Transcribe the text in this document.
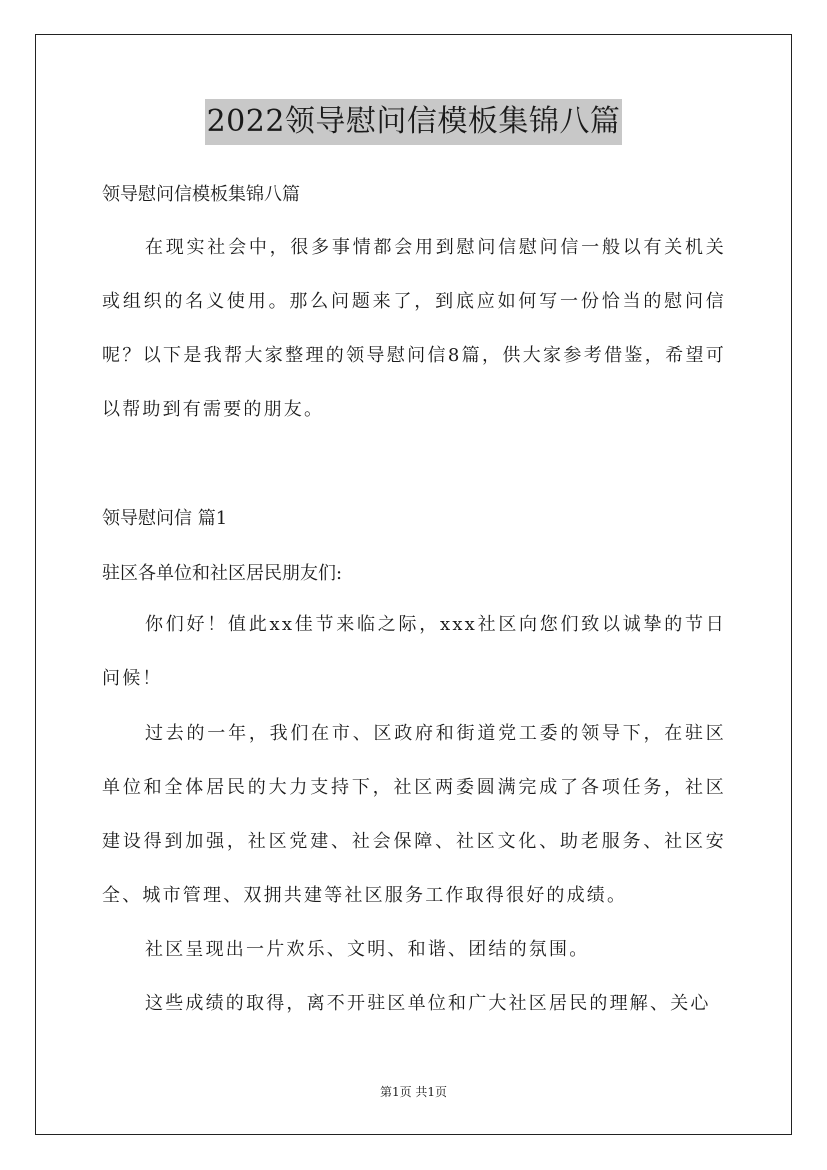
2022领导慰问信模板集锦八篇
领导慰问信模板集锦八篇
在现实社会中，很多事情都会用到慰问信慰问信一般以有关机关或组织的名义使用。那么问题来了，到底应如何写一份恰当的慰问信呢？以下是我帮大家整理的领导慰问信8篇，供大家参考借鉴，希望可以帮助到有需要的朋友。
领导慰问信 篇1
驻区各单位和社区居民朋友们:
你们好！值此xx佳节来临之际，xxx社区向您们致以诚挚的节日问候！
过去的一年，我们在市、区政府和街道党工委的领导下，在驻区单位和全体居民的大力支持下，社区两委圆满完成了各项任务，社区建设得到加强，社区党建、社会保障、社区文化、助老服务、社区安全、城市管理、双拥共建等社区服务工作取得很好的成绩。
社区呈现出一片欢乐、文明、和谐、团结的氛围。
这些成绩的取得，离不开驻区单位和广大社区居民的理解、关心
第1页 共1页
